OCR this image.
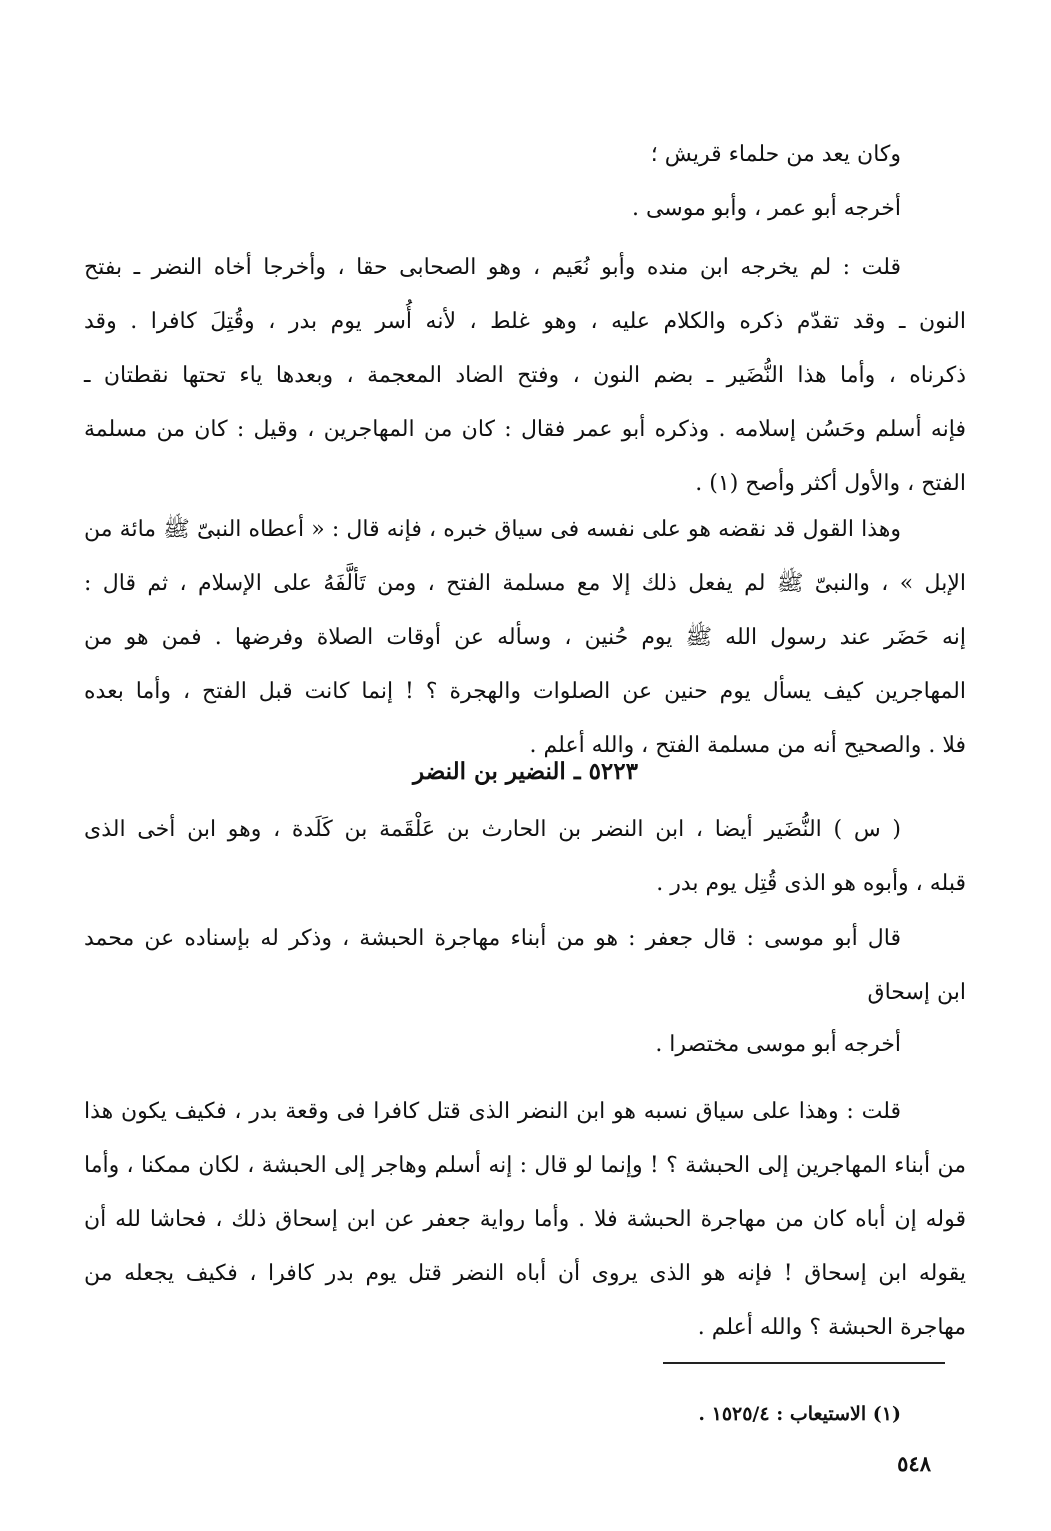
وكان يعد من حلماء قريش ؛
أخرجه أبو عمر ، وأبو موسى .
قلت : لم يخرجه ابن منده وأبو نُعَيم ، وهو الصحابى حقا ، وأخرجا أخاه النضر ـ بفتح
النون ـ وقد تقدّم ذكره والكلام عليه ، وهو غلط ، لأنه أُسر يوم بدر ، وقُتِلَ كافرا . وقد
ذكرناه ، وأما هذا النُّضَير ـ بضم النون ، وفتح الضاد المعجمة ، وبعدها ياء تحتها نقطتان ـ
فإنه أسلم وحَسُن إسلامه . وذكره أبو عمر فقال : كان من المهاجرين ، وقيل : كان من مسلمة
الفتح ، والأول أكثر وأصح (١) .
وهذا القول قد نقضه هو على نفسه فى سياق خبره ، فإنه قال : « أعطاه النبىّ ﷺ مائة من
الإبل » ، والنبىّ ﷺ لم يفعل ذلك إلا مع مسلمة الفتح ، ومن تَألَّفَهُ على الإسلام ، ثم قال :
إنه حَضَر عند رسول الله ﷺ يوم حُنين ، وسأله عن أوقات الصلاة وفرضها . فمن هو من
المهاجرين كيف يسأل يوم حنين عن الصلوات والهجرة ؟ ! إنما كانت قبل الفتح ، وأما بعده
فلا . والصحيح أنه من مسلمة الفتح ، والله أعلم .
٥٢٢٣ ـ النضير بن النضر
( س ) النُّضَير أيضا ، ابن النضر بن الحارث بن عَلْقَمة بن كَلَدة ، وهو ابن أخى الذى
قبله ، وأبوه هو الذى قُتِل يوم بدر .
قال أبو موسى : قال جعفر : هو من أبناء مهاجرة الحبشة ، وذكر له بإسناده عن محمد
ابن إسحاق
أخرجه أبو موسى مختصرا .
قلت : وهذا على سياق نسبه هو ابن النضر الذى قتل كافرا فى وقعة بدر ، فكيف يكون هذا
من أبناء المهاجرين إلى الحبشة ؟ ! وإنما لو قال : إنه أسلم وهاجر إلى الحبشة ، لكان ممكنا ، وأما
قوله إن أباه كان من مهاجرة الحبشة فلا . وأما رواية جعفر عن ابن إسحاق ذلك ، فحاشا لله أن
يقوله ابن إسحاق ! فإنه هو الذى يروى أن أباه النضر قتل يوم بدر كافرا ، فكيف يجعله من
مهاجرة الحبشة ؟ والله أعلم .
(١) الاستيعاب : ١٥٢٥/٤ .
٥٤٨
